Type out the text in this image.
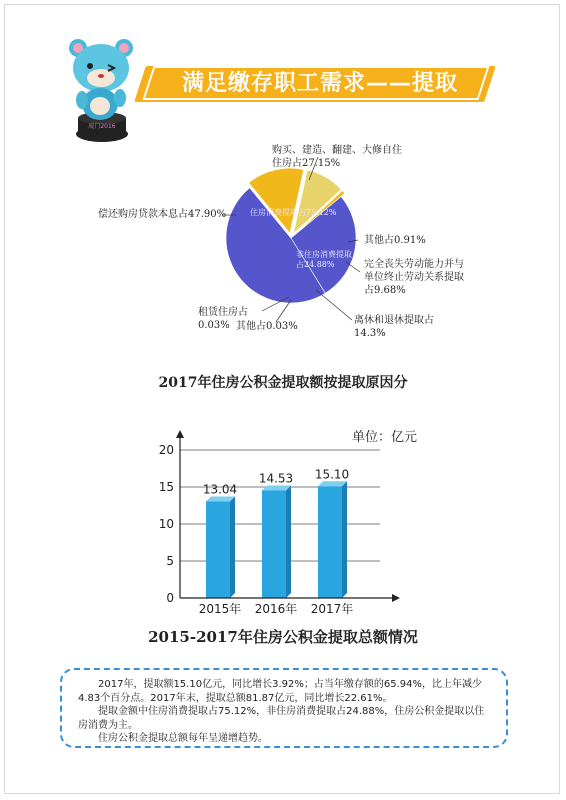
厦门2016
满足缴存职工需求——提取
住房消费提取占75.12%
非住房消费提取占24.88%
购买、建造、翻建、大修自住住房占27.15%
偿还购房贷款本息占47.90%
租赁住房占0.03% 其他占0.03%
其他占0.91%
完全丧失劳动能力并与单位终止劳动关系提取占9.68%
离休和退休提取占14.3%
2017年住房公积金提取额按提取原因分
单位：亿元
13.04
14.53 15.10
0
5
10
15
20
2015年 2016年 2017年
2015-2017年住房公积金提取总额情况

2017年，提取额15.10亿元，同比增长3.92%；占当年缴存额的65.94%，比上年减少4.83个百分点。2017年末，提取总额81.87亿元，同比增长22.61%。

提取金额中住房消费提取占75.12%，非住房消费提取占24.88%，住房公积金提取以住房消费为主。

住房公积金提取总额每年呈递增趋势。
